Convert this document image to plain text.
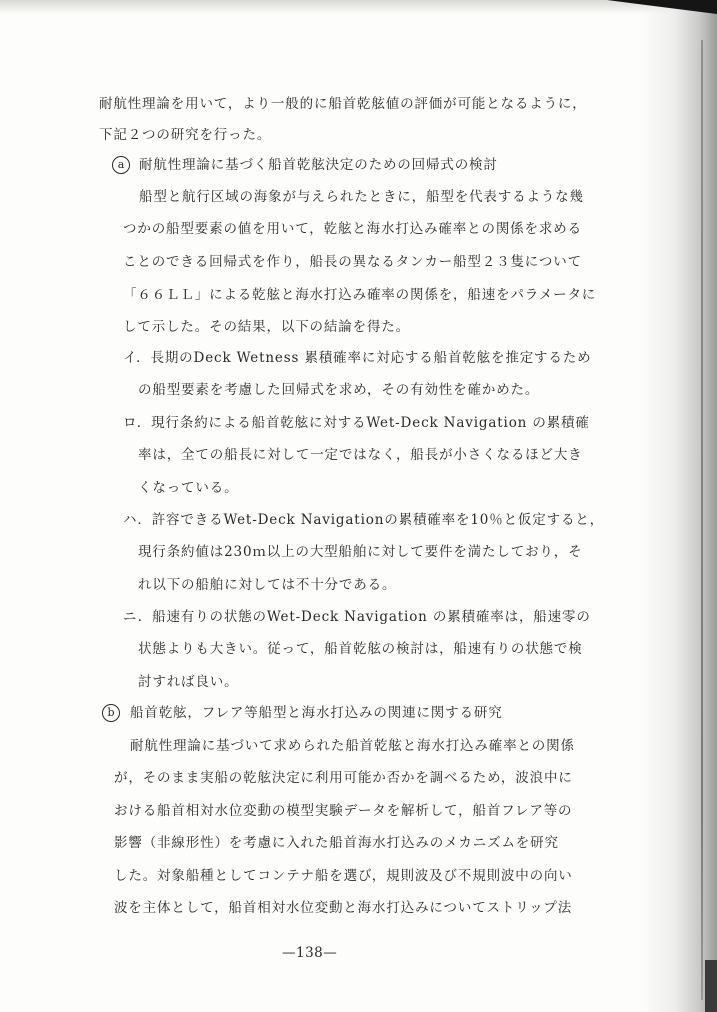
耐航性理論を用いて，より一般的に船首乾舷値の評価が可能となるように，
下記２つの研究を行った。
a	耐航性理論に基づく船首乾舷決定のための回帰式の検討
船型と航行区域の海象が与えられたときに，船型を代表するような幾
つかの船型要素の値を用いて，乾舷と海水打込み確率との関係を求める
ことのできる回帰式を作り，船長の異なるタンカー船型２３隻について
「６６ＬＬ」による乾舷と海水打込み確率の関係を，船速をパラメータに
して示した。その結果，以下の結論を得た。
イ．長期のDeck Wetness 累積確率に対応する船首乾舷を推定するため
の船型要素を考慮した回帰式を求め，その有効性を確かめた。
ロ．現行条約による船首乾舷に対するWet-Deck Navigation の累積確
率は，全ての船長に対して一定ではなく，船長が小さくなるほど大き
くなっている。
ハ．許容できるWet-Deck Navigationの累積確率を10％と仮定すると，
現行条約値は230ｍ以上の大型船舶に対して要件を満たしており，そ
れ以下の船舶に対しては不十分である。
ニ．船速有りの状態のWet-Deck Navigation の累積確率は，船速零の
状態よりも大きい。従って，船首乾舷の検討は，船速有りの状態で検
討すれば良い。
b	船首乾舷，フレア等船型と海水打込みの関連に関する研究
耐航性理論に基づいて求められた船首乾舷と海水打込み確率との関係
が，そのまま実船の乾舷決定に利用可能か否かを調べるため，波浪中に
おける船首相対水位変動の模型実験データを解析して，船首フレア等の
影響（非線形性）を考慮に入れた船首海水打込みのメカニズムを研究
した。対象船種としてコンテナ船を選び，規則波及び不規則波中の向い
波を主体として，船首相対水位変動と海水打込みについてストリップ法
—138—
